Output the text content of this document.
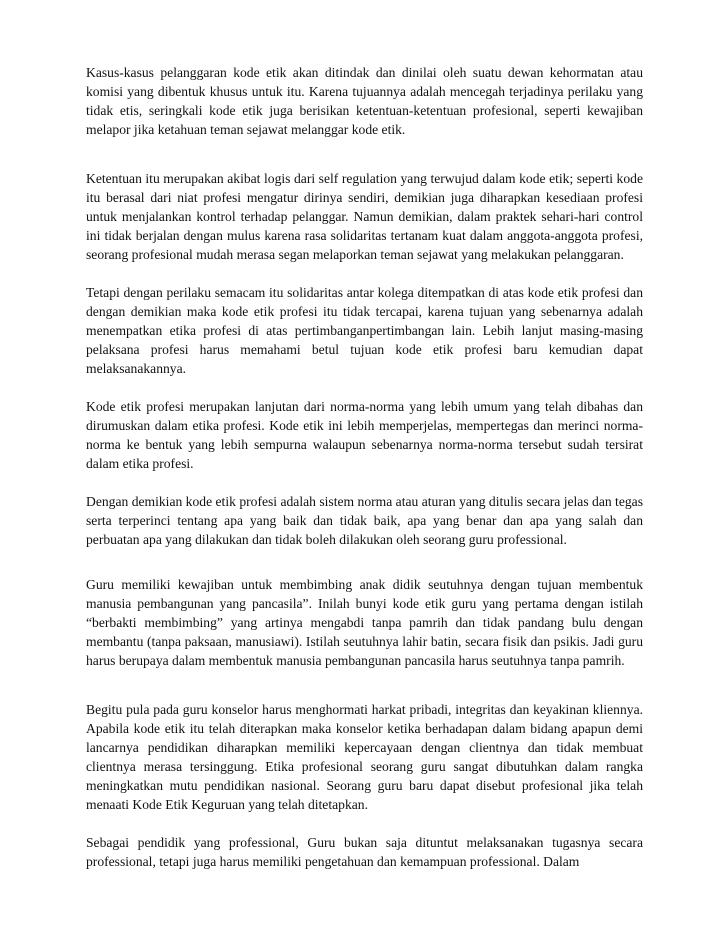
Kasus-kasus pelanggaran kode etik akan ditindak dan dinilai oleh suatu dewan kehormatan atau komisi yang dibentuk khusus untuk itu. Karena tujuannya adalah mencegah terjadinya perilaku yang tidak etis, seringkali kode etik juga berisikan ketentuan-ketentuan profesional, seperti kewajiban melapor jika ketahuan teman sejawat melanggar kode etik.

Ketentuan itu merupakan akibat logis dari self regulation yang terwujud dalam kode etik; seperti kode itu berasal dari niat profesi mengatur dirinya sendiri, demikian juga diharapkan kesediaan profesi untuk menjalankan kontrol terhadap pelanggar. Namun demikian, dalam praktek sehari-hari control ini tidak berjalan dengan mulus karena rasa solidaritas tertanam kuat dalam anggota-anggota profesi, seorang profesional mudah merasa segan melaporkan teman sejawat yang melakukan pelanggaran.

Tetapi dengan perilaku semacam itu solidaritas antar kolega ditempatkan di atas kode etik profesi dan dengan demikian maka kode etik profesi itu tidak tercapai, karena tujuan yang sebenarnya adalah menempatkan etika profesi di atas pertimbanganpertimbangan lain. Lebih lanjut masing-masing pelaksana profesi harus memahami betul tujuan kode etik profesi baru kemudian dapat melaksanakannya.

Kode etik profesi merupakan lanjutan dari norma-norma yang lebih umum yang telah dibahas dan dirumuskan dalam etika profesi. Kode etik ini lebih memperjelas, mempertegas dan merinci norma-norma ke bentuk yang lebih sempurna walaupun sebenarnya norma-norma tersebut sudah tersirat dalam etika profesi.

Dengan demikian kode etik profesi adalah sistem norma atau aturan yang ditulis secara jelas dan tegas serta terperinci tentang apa yang baik dan tidak baik, apa yang benar dan apa yang salah dan perbuatan apa yang dilakukan dan tidak boleh dilakukan oleh seorang guru professional.

Guru memiliki kewajiban untuk membimbing anak didik seutuhnya dengan tujuan membentuk manusia pembangunan yang pancasila”. Inilah bunyi kode etik guru yang pertama dengan istilah “berbakti membimbing” yang artinya mengabdi tanpa pamrih dan tidak pandang bulu dengan membantu (tanpa paksaan, manusiawi). Istilah seutuhnya lahir batin, secara fisik dan psikis. Jadi guru harus berupaya dalam membentuk manusia pembangunan pancasila harus seutuhnya tanpa pamrih.

Begitu pula pada guru konselor harus menghormati harkat pribadi, integritas dan keyakinan kliennya. Apabila kode etik itu telah diterapkan maka konselor ketika berhadapan dalam bidang apapun demi lancarnya pendidikan diharapkan memiliki kepercayaan dengan clientnya dan tidak membuat clientnya merasa tersinggung. Etika profesional seorang guru sangat dibutuhkan dalam rangka meningkatkan mutu pendidikan nasional. Seorang guru baru dapat disebut profesional jika telah menaati Kode Etik Keguruan yang telah ditetapkan.

Sebagai pendidik yang professional, Guru bukan saja dituntut melaksanakan tugasnya secara professional, tetapi juga harus memiliki pengetahuan dan kemampuan professional. Dalam
